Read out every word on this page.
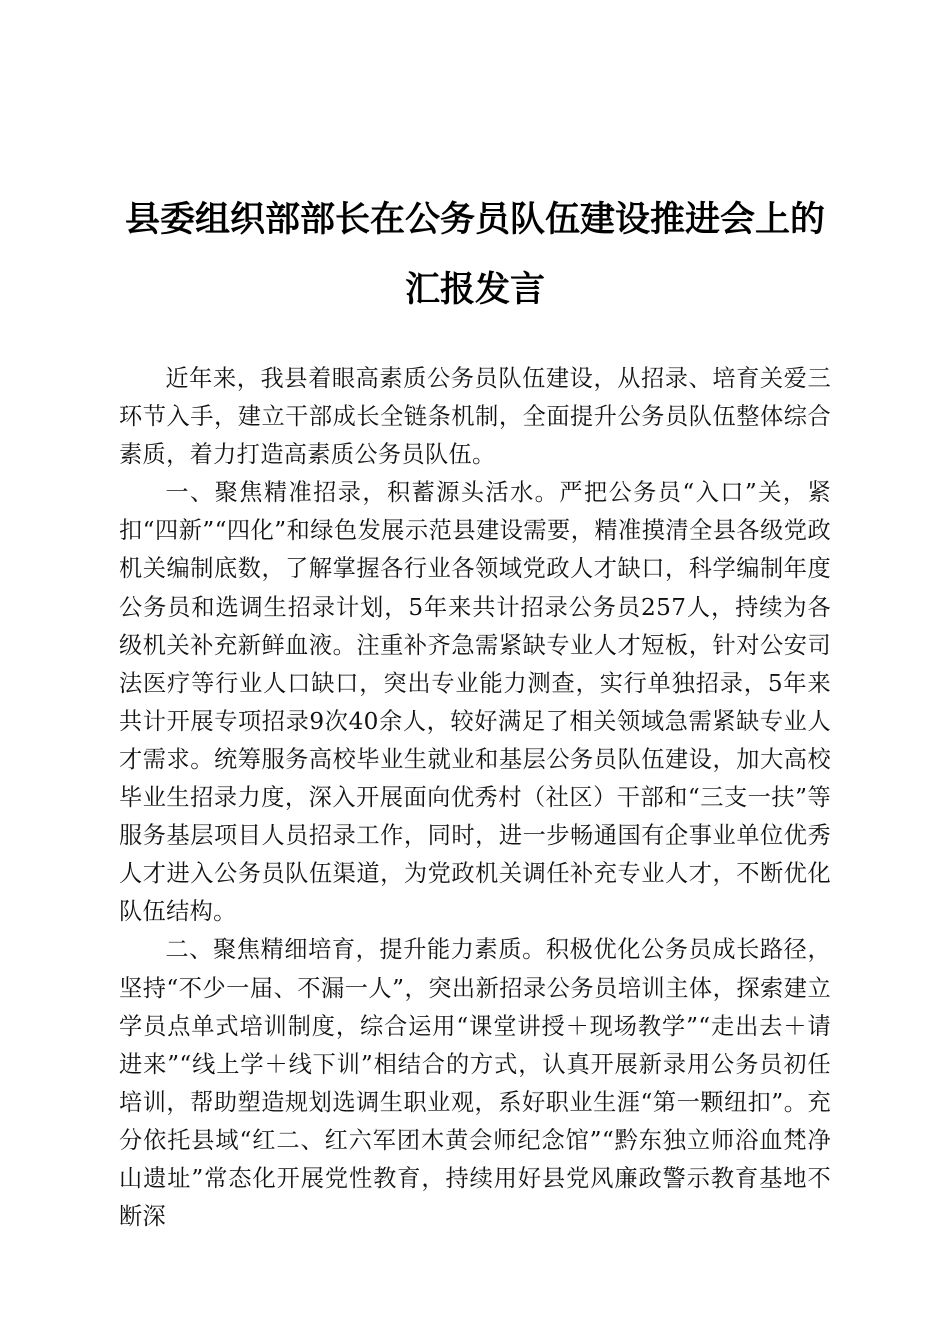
县委组织部部长在公务员队伍建设推进会上的
汇报发言

近年来，我县着眼高素质公务员队伍建设，从招录、培育关爱三环节入手，建立干部成长全链条机制，全面提升公务员队伍整体综合素质，着力打造高素质公务员队伍。

一、聚焦精准招录，积蓄源头活水。严把公务员“入口”关，紧扣“四新”“四化”和绿色发展示范县建设需要，精准摸清全县各级党政机关编制底数，了解掌握各行业各领域党政人才缺口，科学编制年度公务员和选调生招录计划，5年来共计招录公务员257人，持续为各级机关补充新鲜血液。注重补齐急需紧缺专业人才短板，针对公安司法医疗等行业人口缺口，突出专业能力测查，实行单独招录，5年来共计开展专项招录9次40余人，较好满足了相关领域急需紧缺专业人才需求。统筹服务高校毕业生就业和基层公务员队伍建设，加大高校毕业生招录力度，深入开展面向优秀村（社区）干部和“三支一扶”等服务基层项目人员招录工作，同时，进一步畅通国有企事业单位优秀人才进入公务员队伍渠道，为党政机关调任补充专业人才，不断优化队伍结构。

二、聚焦精细培育，提升能力素质。积极优化公务员成长路径，坚持“不少一届、不漏一人”，突出新招录公务员培训主体，探索建立学员点单式培训制度，综合运用“课堂讲授＋现场教学”“走出去＋请进来”“线上学＋线下训”相结合的方式，认真开展新录用公务员初任培训，帮助塑造规划选调生职业观，系好职业生涯“第一颗纽扣”。充分依托县域“红二、红六军团木黄会师纪念馆”“黔东独立师浴血梵净山遗址”常态化开展党性教育，持续用好县党风廉政警示教育基地不断深
